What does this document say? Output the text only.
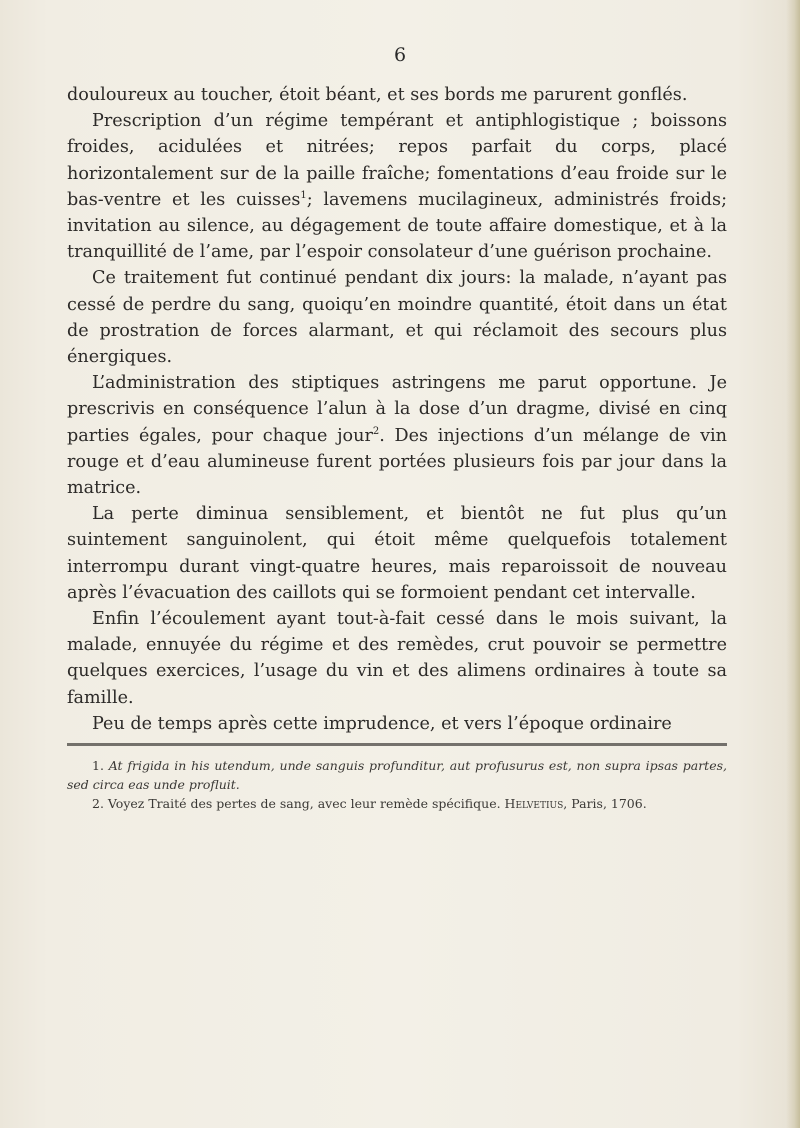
6

douloureux au toucher, étoit béant, et ses bords me parurent gonflés.

Prescription d’un régime tempérant et antiphlogistique ; boissons froides, acidulées et nitrées; repos parfait du corps, placé horizontalement sur de la paille fraîche; fomentations d’eau froide sur le bas-ventre et les cuisses$^1$; lavemens mucilagineux, administrés froids; invitation au silence, au dégagement de toute affaire domestique, et à la tranquillité de l’ame, par l’espoir consolateur d’une guérison prochaine.

Ce traitement fut continué pendant dix jours: la malade, n’ayant pas cessé de perdre du sang, quoiqu’en moindre quantité, étoit dans un état de prostration de forces alarmant, et qui réclamoit des secours plus énergiques.

L’administration des stiptiques astringens me parut opportune. Je prescrivis en conséquence l’alun à la dose d’un dragme, divisé en cinq parties égales, pour chaque jour$^2$. Des injections d’un mélange de vin rouge et d’eau alumineuse furent portées plusieurs fois par jour dans la matrice.

La perte diminua sensiblement, et bientôt ne fut plus qu’un suintement sanguinolent, qui étoit même quelquefois totalement interrompu durant vingt-quatre heures, mais reparoissoit de nouveau après l’évacuation des caillots qui se formoient pendant cet intervalle.

Enfin l’écoulement ayant tout-à-fait cessé dans le mois suivant, la malade, ennuyée du régime et des remèdes, crut pouvoir se permettre quelques exercices, l’usage du vin et des alimens ordinaires à toute sa famille.

Peu de temps après cette imprudence, et vers l’époque ordinaire

1. At frigida in his utendum, unde sanguis profunditur, aut profusurus est, non supra ipsas partes, sed circa eas unde profluit.

2. Voyez Traité des pertes de sang, avec leur remède spécifique. Helvetius, Paris, 1706.
